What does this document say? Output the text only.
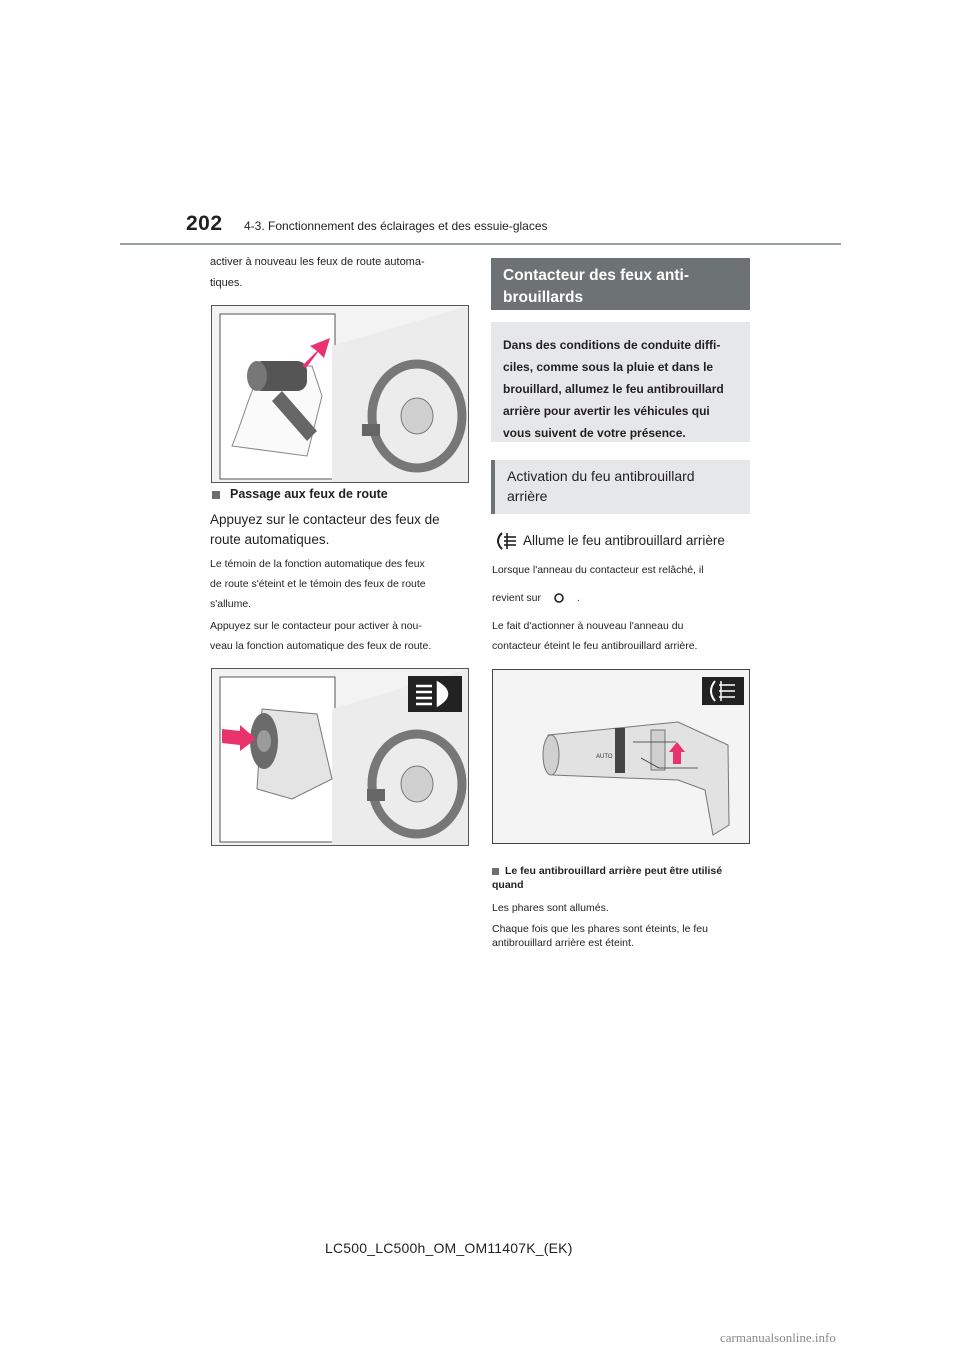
202 4-3. Fonctionnement des éclairages et des essuie-glaces
activer à nouveau les feux de route automa-
tiques.
Passage aux feux de route
Appuyez sur le contacteur des feux de
route automatiques.
Le témoin de la fonction automatique des feux
de route s'éteint et le témoin des feux de route
s'allume.
Appuyez sur le contacteur pour activer à nou-
veau la fonction automatique des feux de route.
Contacteur des feux anti-
brouillards
Dans des conditions de conduite diffi-
ciles, comme sous la pluie et dans le
brouillard, allumez le feu antibrouillard
arrière pour avertir les véhicules qui
vous suivent de votre présence.
Activation du feu antibrouillard
arrière
Allume le feu antibrouillard arrière
Lorsque l'anneau du contacteur est relâché, il
revient sur	.
Le fait d'actionner à nouveau l'anneau du
contacteur éteint le feu antibrouillard arrière.
AUTO
Le feu antibrouillard arrière peut être utilisé
quand
Les phares sont allumés.
Chaque fois que les phares sont éteints, le feu
antibrouillard arrière est éteint.
LC500_LC500h_OM_OM11407K_(EK)
carmanualsonline.info
